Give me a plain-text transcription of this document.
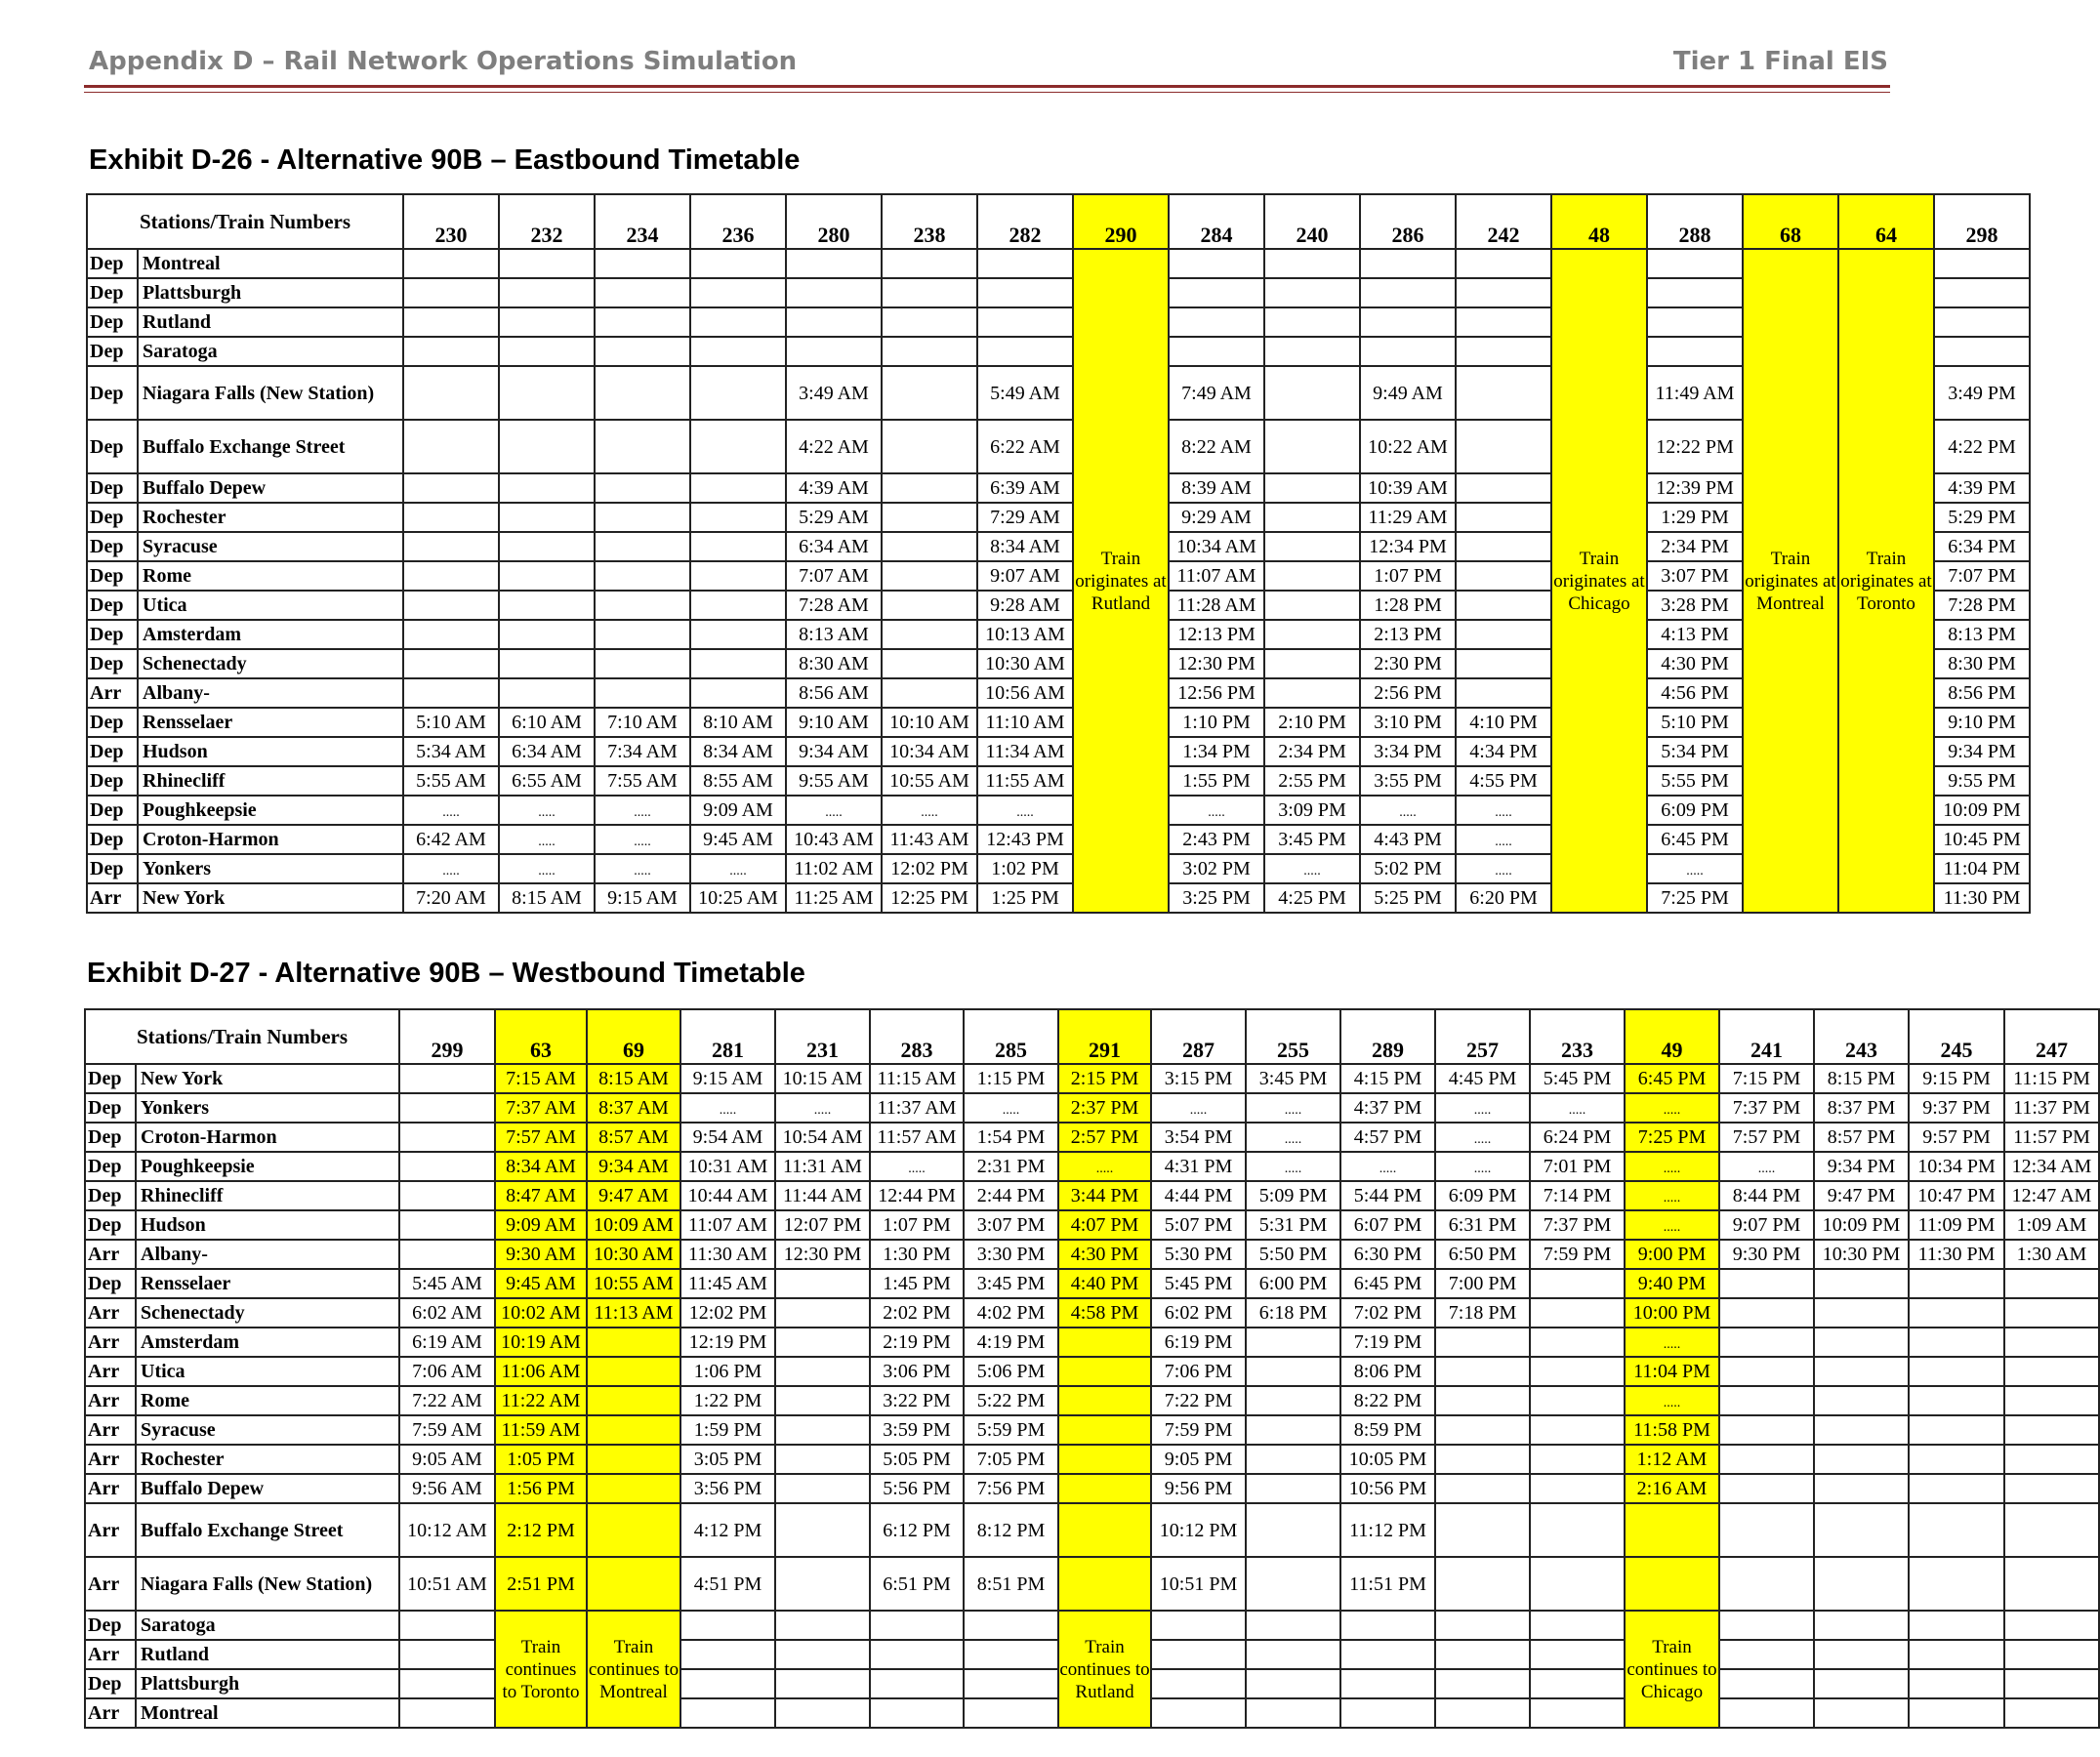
Appendix D – Rail Network Operations Simulation	Tier 1 Final EIS
Exhibit D-26 - Alternative 90B – Eastbound Timetable
Stations/Train Numbers		230	232	234	236	280	238	282	290	284	240	286	242	48	288	68	64	298
Dep	Montreal								Train originates at Rutland					Train originates at Chicago		Train originates at Montreal	Train originates at Toronto	
Dep	Plattsburgh																	
Dep	Rutland																	
Dep	Saratoga																	
Dep	Niagara Falls (New Station)					3:49 AM		5:49 AM		7:49 AM		9:49 AM			11:49 AM			3:49 PM
Dep	Buffalo Exchange Street					4:22 AM		6:22 AM		8:22 AM		10:22 AM			12:22 PM			4:22 PM
Dep	Buffalo Depew					4:39 AM		6:39 AM		8:39 AM		10:39 AM			12:39 PM			4:39 PM
Dep	Rochester					5:29 AM		7:29 AM		9:29 AM		11:29 AM			1:29 PM			5:29 PM
Dep	Syracuse					6:34 AM		8:34 AM		10:34 AM		12:34 PM			2:34 PM			6:34 PM
Dep	Rome					7:07 AM		9:07 AM		11:07 AM		1:07 PM			3:07 PM			7:07 PM
Dep	Utica					7:28 AM		9:28 AM		11:28 AM		1:28 PM			3:28 PM			7:28 PM
Dep	Amsterdam					8:13 AM		10:13 AM		12:13 PM		2:13 PM			4:13 PM			8:13 PM
Dep	Schenectady					8:30 AM		10:30 AM		12:30 PM		2:30 PM			4:30 PM			8:30 PM
Arr	Albany-					8:56 AM		10:56 AM		12:56 PM		2:56 PM			4:56 PM			8:56 PM
Dep	Rensselaer	5:10 AM	6:10 AM	7:10 AM	8:10 AM	9:10 AM	10:10 AM	11:10 AM		1:10 PM	2:10 PM	3:10 PM	4:10 PM		5:10 PM			9:10 PM
Dep	Hudson	5:34 AM	6:34 AM	7:34 AM	8:34 AM	9:34 AM	10:34 AM	11:34 AM		1:34 PM	2:34 PM	3:34 PM	4:34 PM		5:34 PM			9:34 PM
Dep	Rhinecliff	5:55 AM	6:55 AM	7:55 AM	8:55 AM	9:55 AM	10:55 AM	11:55 AM		1:55 PM	2:55 PM	3:55 PM	4:55 PM		5:55 PM			9:55 PM
Dep	Poughkeepsie	.....	.....	.....	9:09 AM	.....	.....	.....		.....	3:09 PM	.....	.....		6:09 PM			10:09 PM
Dep	Croton-Harmon	6:42 AM	.....	.....	9:45 AM	10:43 AM	11:43 AM	12:43 PM		2:43 PM	3:45 PM	4:43 PM	.....		6:45 PM			10:45 PM
Dep	Yonkers	.....	.....	.....	.....	11:02 AM	12:02 PM	1:02 PM		3:02 PM	.....	5:02 PM	.....		.....			11:04 PM
Arr	New York	7:20 AM	8:15 AM	9:15 AM	10:25 AM	11:25 AM	12:25 PM	1:25 PM		3:25 PM	4:25 PM	5:25 PM	6:20 PM		7:25 PM			11:30 PM
Exhibit D-27 - Alternative 90B – Westbound Timetable
Stations/Train Numbers		299	63	69	281	231	283	285	291	287	255	289	257	233	49	241	243	245	247
Dep	New York		7:15 AM	8:15 AM	9:15 AM	10:15 AM	11:15 AM	1:15 PM	2:15 PM	3:15 PM	3:45 PM	4:15 PM	4:45 PM	5:45 PM	6:45 PM	7:15 PM	8:15 PM	9:15 PM	11:15 PM
Dep	Yonkers		7:37 AM	8:37 AM	.....	.....	11:37 AM	.....	2:37 PM	.....	.....	4:37 PM	.....	.....	.....	7:37 PM	8:37 PM	9:37 PM	11:37 PM
Dep	Croton-Harmon		7:57 AM	8:57 AM	9:54 AM	10:54 AM	11:57 AM	1:54 PM	2:57 PM	3:54 PM	.....	4:57 PM	.....	6:24 PM	7:25 PM	7:57 PM	8:57 PM	9:57 PM	11:57 PM
Dep	Poughkeepsie		8:34 AM	9:34 AM	10:31 AM	11:31 AM	.....	2:31 PM	.....	4:31 PM	.....	.....	.....	7:01 PM	.....	.....	9:34 PM	10:34 PM	12:34 AM
Dep	Rhinecliff		8:47 AM	9:47 AM	10:44 AM	11:44 AM	12:44 PM	2:44 PM	3:44 PM	4:44 PM	5:09 PM	5:44 PM	6:09 PM	7:14 PM	.....	8:44 PM	9:47 PM	10:47 PM	12:47 AM
Dep	Hudson		9:09 AM	10:09 AM	11:07 AM	12:07 PM	1:07 PM	3:07 PM	4:07 PM	5:07 PM	5:31 PM	6:07 PM	6:31 PM	7:37 PM	.....	9:07 PM	10:09 PM	11:09 PM	1:09 AM
Arr	Albany-		9:30 AM	10:30 AM	11:30 AM	12:30 PM	1:30 PM	3:30 PM	4:30 PM	5:30 PM	5:50 PM	6:30 PM	6:50 PM	7:59 PM	9:00 PM	9:30 PM	10:30 PM	11:30 PM	1:30 AM
Dep	Rensselaer	5:45 AM	9:45 AM	10:55 AM	11:45 AM		1:45 PM	3:45 PM	4:40 PM	5:45 PM	6:00 PM	6:45 PM	7:00 PM		9:40 PM				
Arr	Schenectady	6:02 AM	10:02 AM	11:13 AM	12:02 PM		2:02 PM	4:02 PM	4:58 PM	6:02 PM	6:18 PM	7:02 PM	7:18 PM		10:00 PM				
Arr	Amsterdam	6:19 AM	10:19 AM		12:19 PM		2:19 PM	4:19 PM		6:19 PM		7:19 PM			.....				
Arr	Utica	7:06 AM	11:06 AM		1:06 PM		3:06 PM	5:06 PM		7:06 PM		8:06 PM			11:04 PM				
Arr	Rome	7:22 AM	11:22 AM		1:22 PM		3:22 PM	5:22 PM		7:22 PM		8:22 PM			.....				
Arr	Syracuse	7:59 AM	11:59 AM		1:59 PM		3:59 PM	5:59 PM		7:59 PM		8:59 PM			11:58 PM				
Arr	Rochester	9:05 AM	1:05 PM		3:05 PM		5:05 PM	7:05 PM		9:05 PM		10:05 PM			1:12 AM				
Arr	Buffalo Depew	9:56 AM	1:56 PM		3:56 PM		5:56 PM	7:56 PM		9:56 PM		10:56 PM			2:16 AM				
Arr	Buffalo Exchange Street	10:12 AM	2:12 PM		4:12 PM		6:12 PM	8:12 PM		10:12 PM		11:12 PM							
Arr	Niagara Falls (New Station)	10:51 AM	2:51 PM		4:51 PM		6:51 PM	8:51 PM		10:51 PM		11:51 PM							
Dep	Saratoga		Train continues to Toronto	Train continues to Montreal					Train continues to Rutland						Train continues to Chicago				
Arr	Rutland																		
Dep	Plattsburgh																		
Arr	Montreal																		
